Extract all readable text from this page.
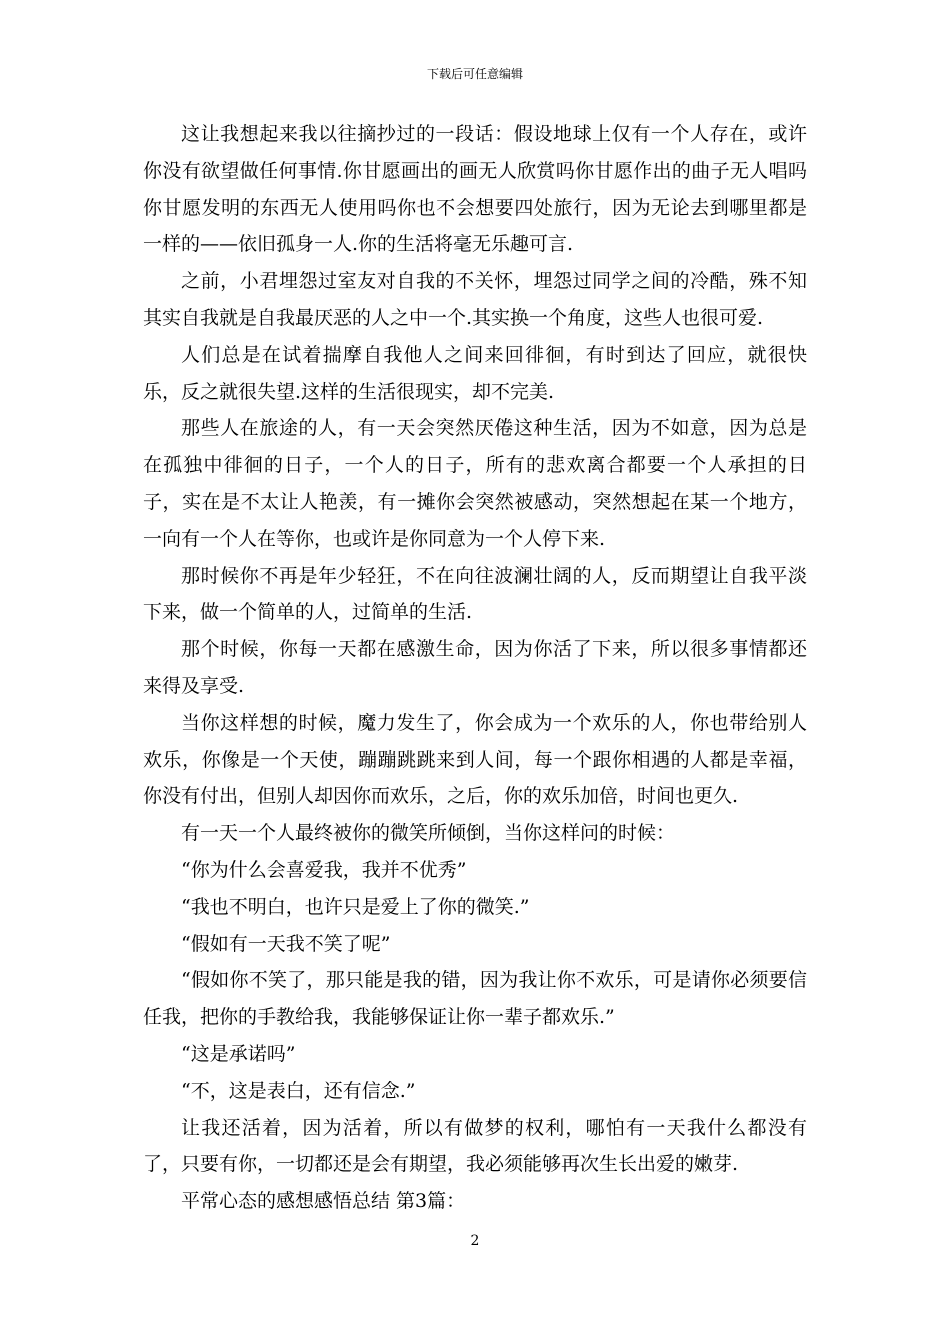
下载后可任意编辑

这让我想起来我以往摘抄过的一段话：假设地球上仅有一个人存在，或许你没有欲望做任何事情.你甘愿画出的画无人欣赏吗你甘愿作出的曲子无人唱吗你甘愿发明的东西无人使用吗你也不会想要四处旅行，因为无论去到哪里都是一样的——依旧孤身一人.你的生活将毫无乐趣可言.

之前，小君埋怨过室友对自我的不关怀，埋怨过同学之间的冷酷，殊不知其实自我就是自我最厌恶的人之中一个.其实换一个角度，这些人也很可爱.

人们总是在试着揣摩自我他人之间来回徘徊，有时到达了回应，就很快乐，反之就很失望.这样的生活很现实，却不完美.

那些人在旅途的人，有一天会突然厌倦这种生活，因为不如意，因为总是在孤独中徘徊的日子，一个人的日子，所有的悲欢离合都要一个人承担的日子，实在是不太让人艳羡，有一摊你会突然被感动，突然想起在某一个地方，一向有一个人在等你，也或许是你同意为一个人停下来.

那时候你不再是年少轻狂，不在向往波澜壮阔的人，反而期望让自我平淡下来，做一个简单的人，过简单的生活.

那个时候，你每一天都在感激生命，因为你活了下来，所以很多事情都还来得及享受.

当你这样想的时候，魔力发生了，你会成为一个欢乐的人，你也带给别人欢乐，你像是一个天使，蹦蹦跳跳来到人间，每一个跟你相遇的人都是幸福，你没有付出，但别人却因你而欢乐，之后，你的欢乐加倍，时间也更久.

有一天一个人最终被你的微笑所倾倒，当你这样问的时候：

“你为什么会喜爱我，我并不优秀”

“我也不明白，也许只是爱上了你的微笑.”

“假如有一天我不笑了呢”

“假如你不笑了，那只能是我的错，因为我让你不欢乐，可是请你必须要信任我，把你的手教给我，我能够保证让你一辈子都欢乐.”

“这是承诺吗”

“不，这是表白，还有信念.”

让我还活着，因为活着，所以有做梦的权利，哪怕有一天我什么都没有了，只要有你，一切都还是会有期望，我必须能够再次生长出爱的嫩芽.

平常心态的感想感悟总结 第3篇：

2
